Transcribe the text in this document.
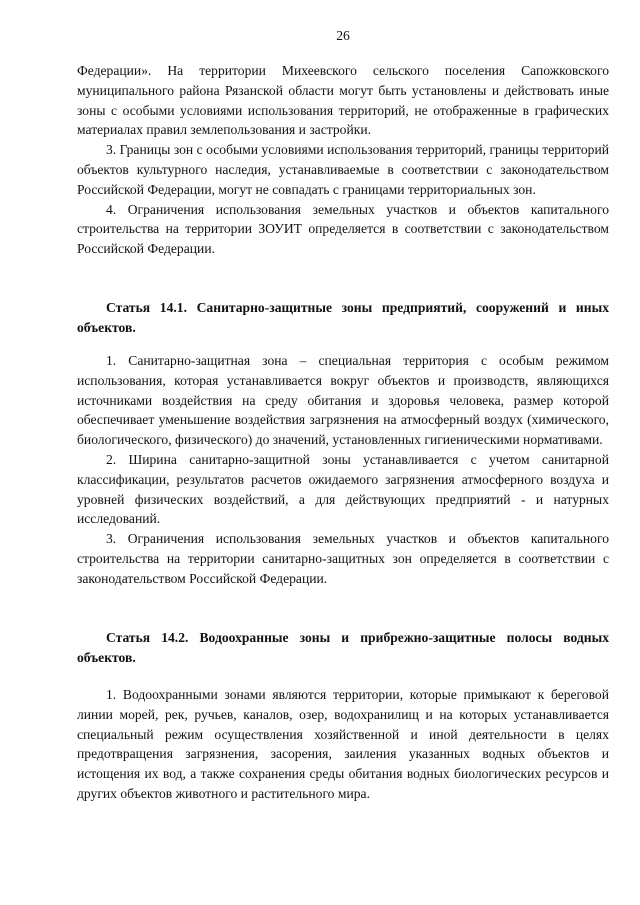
26

Федерации». На территории Михеевского сельского поселения Сапожковского муниципального района Рязанской области могут быть установлены и действовать иные зоны с особыми условиями использования территорий, не отображенные в графических материалах правил землепользования и застройки.

3. Границы зон с особыми условиями использования территорий, границы территорий объектов культурного наследия, устанавливаемые в соответствии с законодательством Российской Федерации, могут не совпадать с границами территориальных зон.

4. Ограничения использования земельных участков и объектов капитального строительства на территории ЗОУИТ определяется в соответствии с законодательством Российской Федерации.

Статья 14.1. Санитарно-защитные зоны предприятий, сооружений и иных объектов.

1. Санитарно-защитная зона – специальная территория с особым режимом использования, которая устанавливается вокруг объектов и производств, являющихся источниками воздействия на среду обитания и здоровья человека, размер которой обеспечивает уменьшение воздействия загрязнения на атмосферный воздух (химического, биологического, физического) до значений, установленных гигиеническими нормативами.

2. Ширина санитарно-защитной зоны устанавливается с учетом санитарной классификации, результатов расчетов ожидаемого загрязнения атмосферного воздуха и уровней физических воздействий, а для действующих предприятий - и натурных исследований.

3. Ограничения использования земельных участков и объектов капитального строительства на территории санитарно-защитных зон определяется в соответствии с законодательством Российской Федерации.

Статья 14.2. Водоохранные зоны и прибрежно-защитные полосы водных объектов.

1. Водоохранными зонами являются территории, которые примыкают к береговой линии морей, рек, ручьев, каналов, озер, водохранилищ и на которых устанавливается специальный режим осуществления хозяйственной и иной деятельности в целях предотвращения загрязнения, засорения, заиления указанных водных объектов и истощения их вод, а также сохранения среды обитания водных биологических ресурсов и других объектов животного и растительного мира.
